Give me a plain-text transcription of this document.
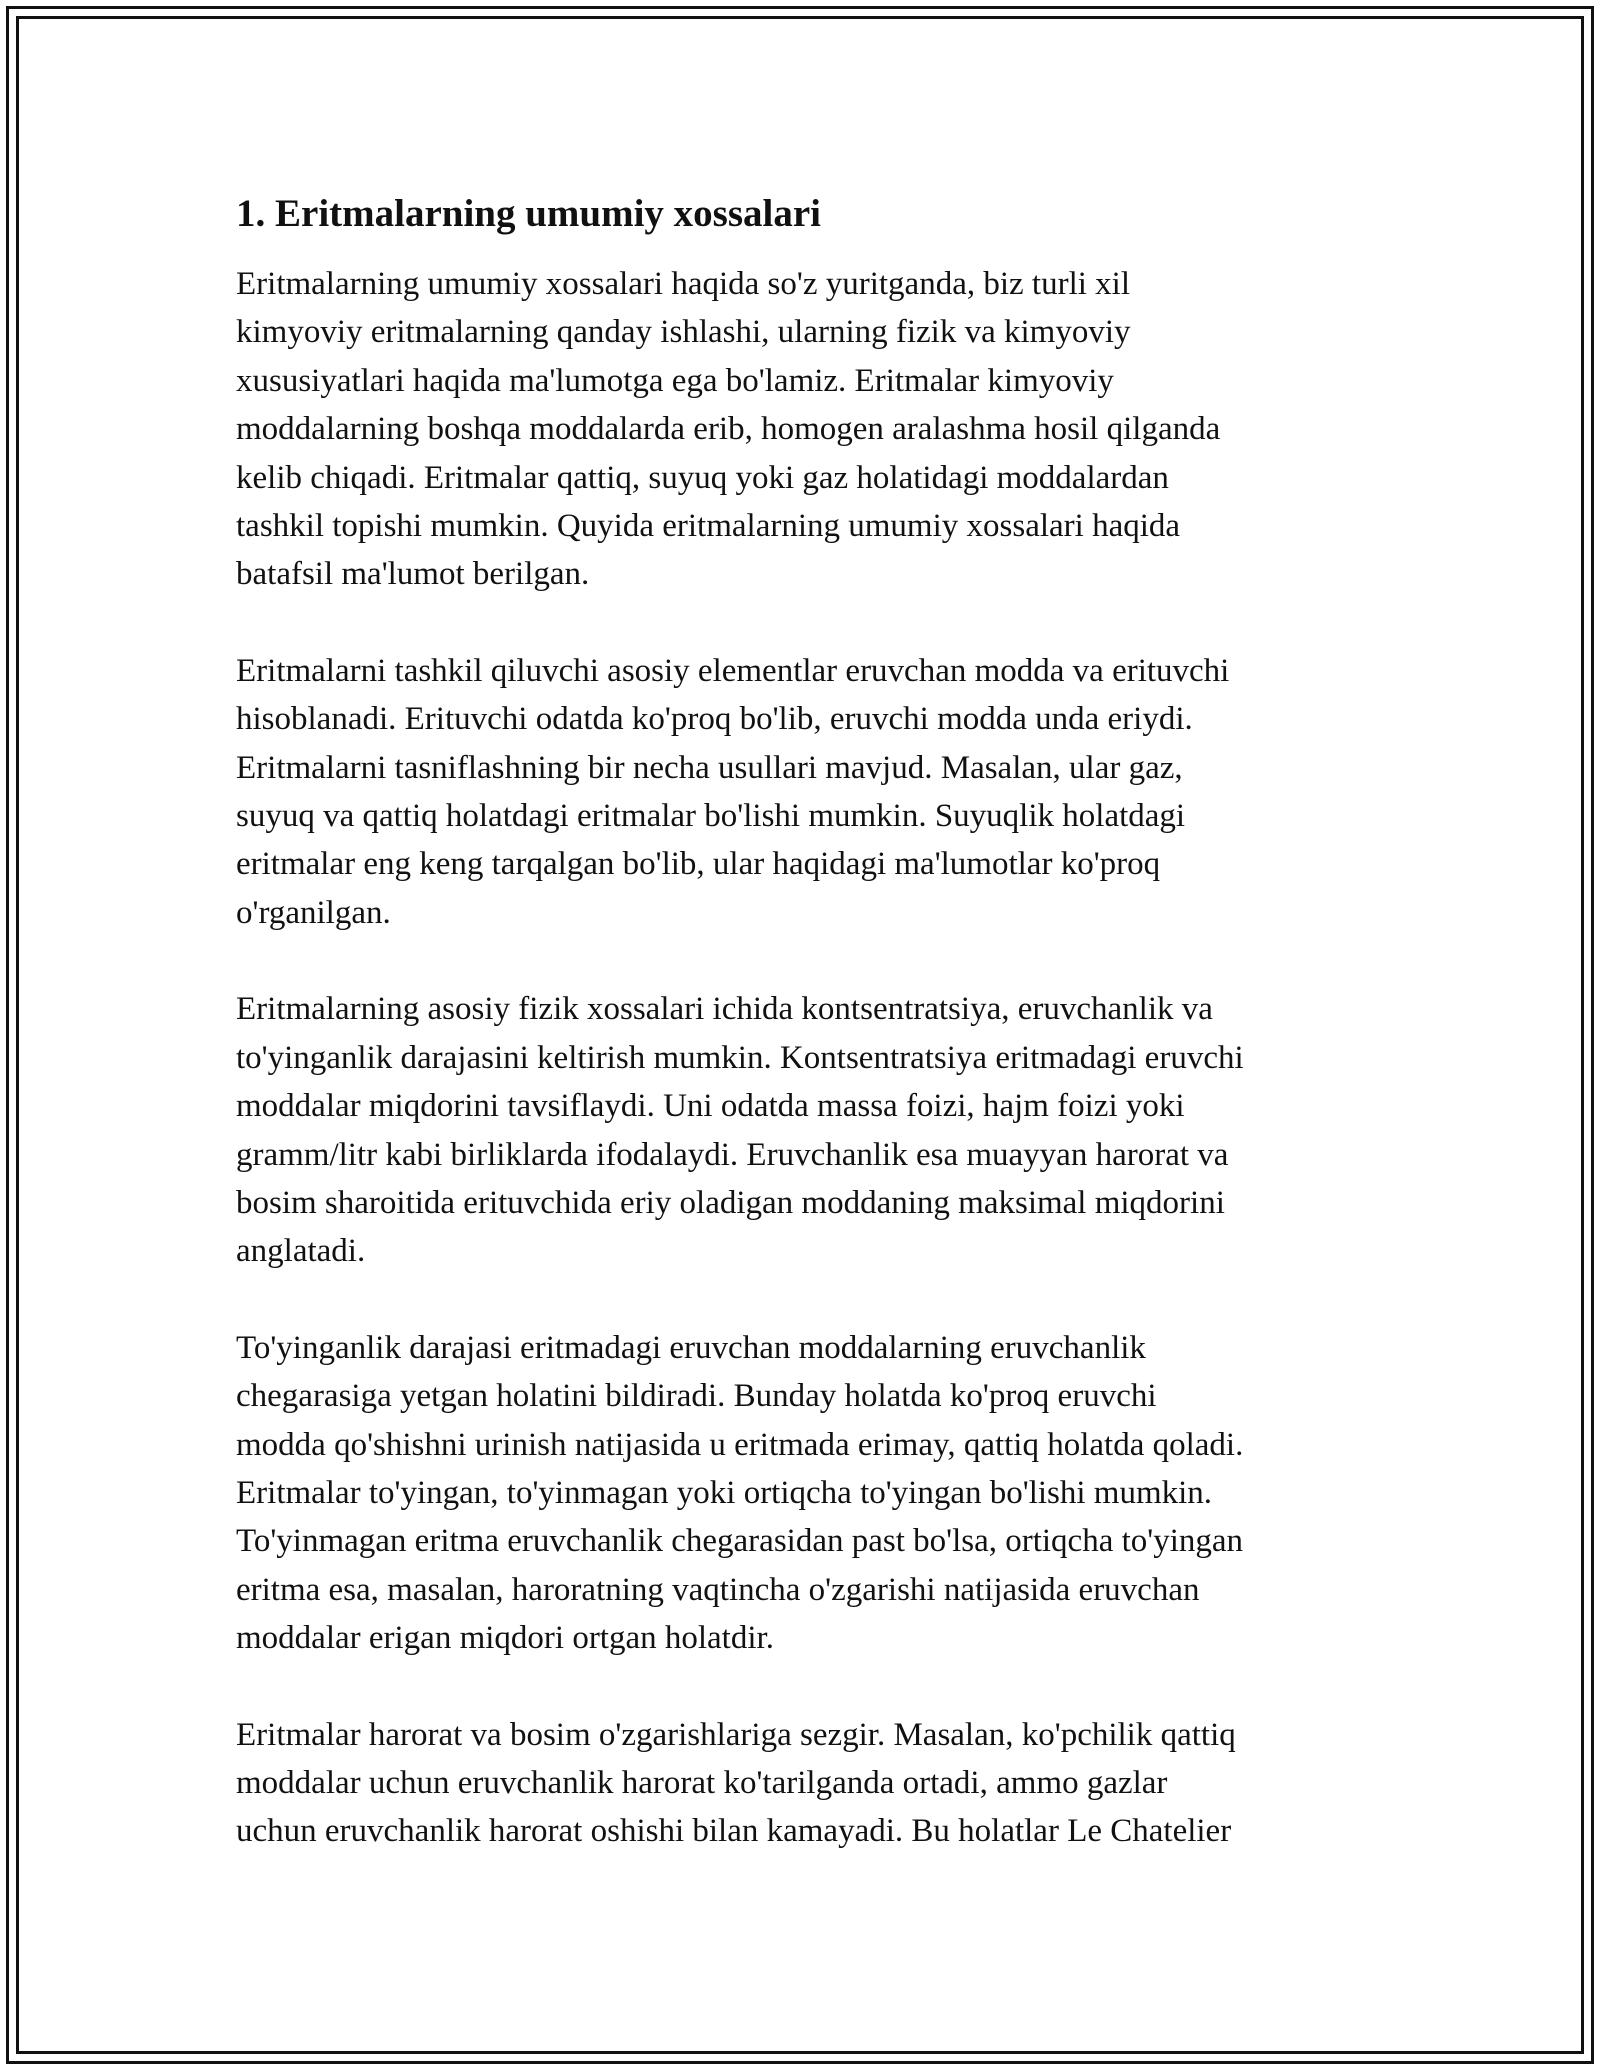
1. Eritmalarning umumiy xossalari

Eritmalarning umumiy xossalari haqida so'z yuritganda, biz turli xil
kimyoviy eritmalarning qanday ishlashi, ularning fizik va kimyoviy
xususiyatlari haqida ma'lumotga ega bo'lamiz. Eritmalar kimyoviy
moddalarning boshqa moddalarda erib, homogen aralashma hosil qilganda
kelib chiqadi. Eritmalar qattiq, suyuq yoki gaz holatidagi moddalardan
tashkil topishi mumkin. Quyida eritmalarning umumiy xossalari haqida
batafsil ma'lumot berilgan.

Eritmalarni tashkil qiluvchi asosiy elementlar eruvchan modda va erituvchi
hisoblanadi. Erituvchi odatda ko'proq bo'lib, eruvchi modda unda eriydi.
Eritmalarni tasniflashning bir necha usullari mavjud. Masalan, ular gaz,
suyuq va qattiq holatdagi eritmalar bo'lishi mumkin. Suyuqlik holatdagi
eritmalar eng keng tarqalgan bo'lib, ular haqidagi ma'lumotlar ko'proq
o'rganilgan.

Eritmalarning asosiy fizik xossalari ichida kontsentratsiya, eruvchanlik va
to'yinganlik darajasini keltirish mumkin. Kontsentratsiya eritmadagi eruvchi
moddalar miqdorini tavsiflaydi. Uni odatda massa foizi, hajm foizi yoki
gramm/litr kabi birliklarda ifodalaydi. Eruvchanlik esa muayyan harorat va
bosim sharoitida erituvchida eriy oladigan moddaning maksimal miqdorini
anglatadi.

To'yinganlik darajasi eritmadagi eruvchan moddalarning eruvchanlik
chegarasiga yetgan holatini bildiradi. Bunday holatda ko'proq eruvchi
modda qo'shishni urinish natijasida u eritmada erimay, qattiq holatda qoladi.
Eritmalar to'yingan, to'yinmagan yoki ortiqcha to'yingan bo'lishi mumkin.
To'yinmagan eritma eruvchanlik chegarasidan past bo'lsa, ortiqcha to'yingan
eritma esa, masalan, haroratning vaqtincha o'zgarishi natijasida eruvchan
moddalar erigan miqdori ortgan holatdir.

Eritmalar harorat va bosim o'zgarishlariga sezgir. Masalan, ko'pchilik qattiq
moddalar uchun eruvchanlik harorat ko'tarilganda ortadi, ammo gazlar
uchun eruvchanlik harorat oshishi bilan kamayadi. Bu holatlar Le Chatelier
